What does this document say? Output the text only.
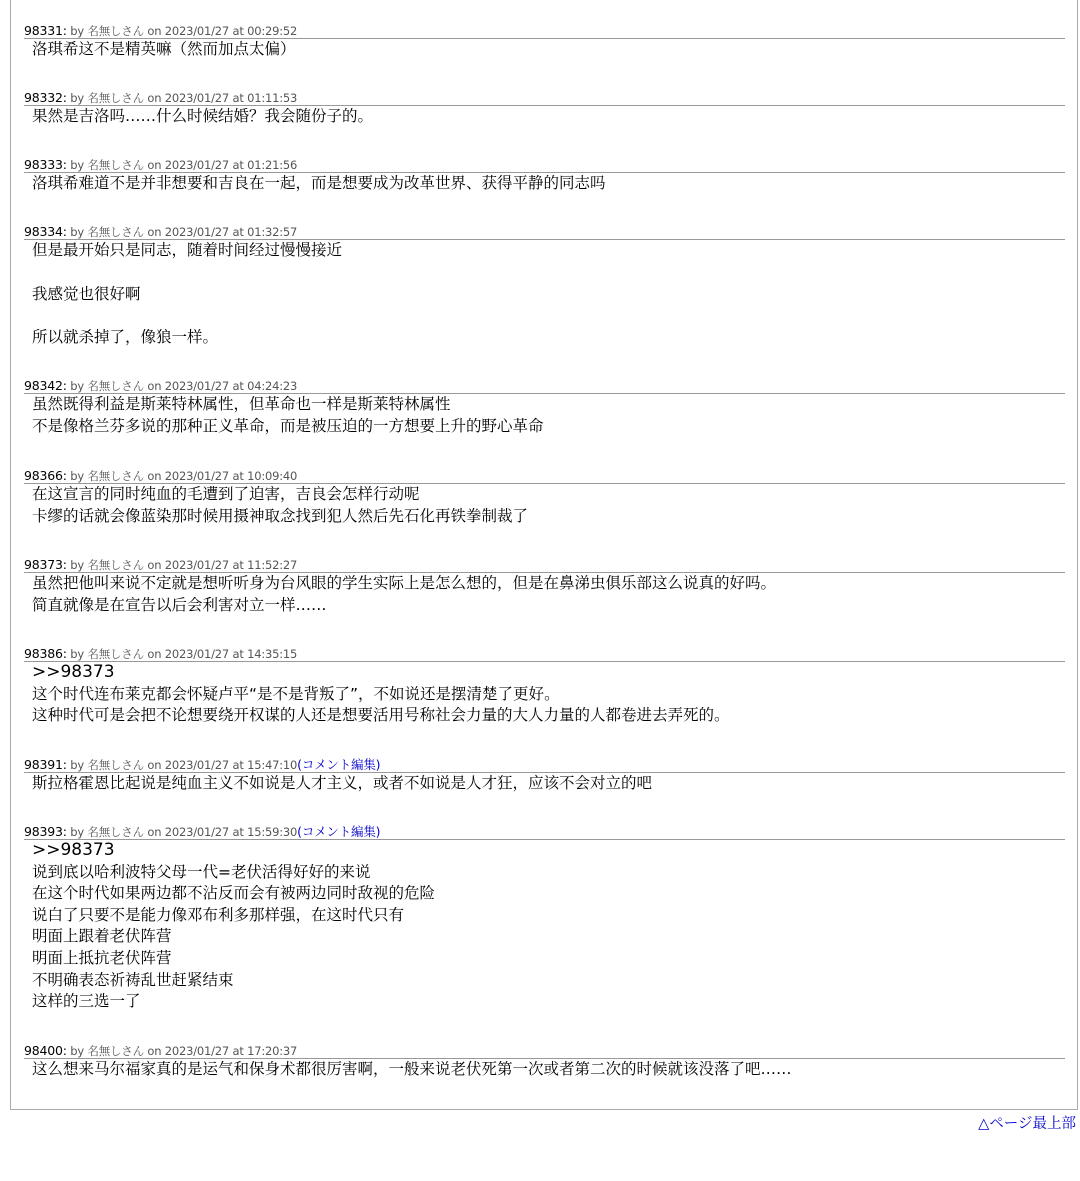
98331: by 名無しさん on 2023/01/27 at 00:29:52
洛琪希这不是精英嘛（然而加点太偏）
98332: by 名無しさん on 2023/01/27 at 01:11:53
果然是吉洛吗……什么时候结婚？我会随份子的。
98333: by 名無しさん on 2023/01/27 at 01:21:56
洛琪希难道不是并非想要和吉良在一起，而是想要成为改革世界、获得平静的同志吗
98334: by 名無しさん on 2023/01/27 at 01:32:57
但是最开始只是同志，随着时间经过慢慢接近
我感觉也很好啊
所以就杀掉了，像狼一样。
98342: by 名無しさん on 2023/01/27 at 04:24:23
虽然既得利益是斯莱特林属性，但革命也一样是斯莱特林属性
不是像格兰芬多说的那种正义革命，而是被压迫的一方想要上升的野心革命
98366: by 名無しさん on 2023/01/27 at 10:09:40
在这宣言的同时纯血的毛遭到了迫害，吉良会怎样行动呢
卡缪的话就会像蓝染那时候用摄神取念找到犯人然后先石化再铁拳制裁了
98373: by 名無しさん on 2023/01/27 at 11:52:27
虽然把他叫来说不定就是想听听身为台风眼的学生实际上是怎么想的，但是在鼻涕虫俱乐部这么说真的好吗。
简直就像是在宣告以后会利害对立一样……
98386: by 名無しさん on 2023/01/27 at 14:35:15
>>98373
这个时代连布莱克都会怀疑卢平“是不是背叛了”，不如说还是摆清楚了更好。
这种时代可是会把不论想要绕开权谋的人还是想要活用号称社会力量的大人力量的人都卷进去弄死的。
98391: by 名無しさん on 2023/01/27 at 15:47:10(コメント編集)
斯拉格霍恩比起说是纯血主义不如说是人才主义，或者不如说是人才狂，应该不会对立的吧
98393: by 名無しさん on 2023/01/27 at 15:59:30(コメント編集)
>>98373
说到底以哈利波特父母一代=老伏活得好好的来说
在这个时代如果两边都不沾反而会有被两边同时敌视的危险
说白了只要不是能力像邓布利多那样强，在这时代只有
明面上跟着老伏阵营
明面上抵抗老伏阵营
不明确表态祈祷乱世赶紧结束
这样的三选一了
98400: by 名無しさん on 2023/01/27 at 17:20:37
这么想来马尔福家真的是运气和保身术都很厉害啊，一般来说老伏死第一次或者第二次的时候就该没落了吧……
△ページ最上部
